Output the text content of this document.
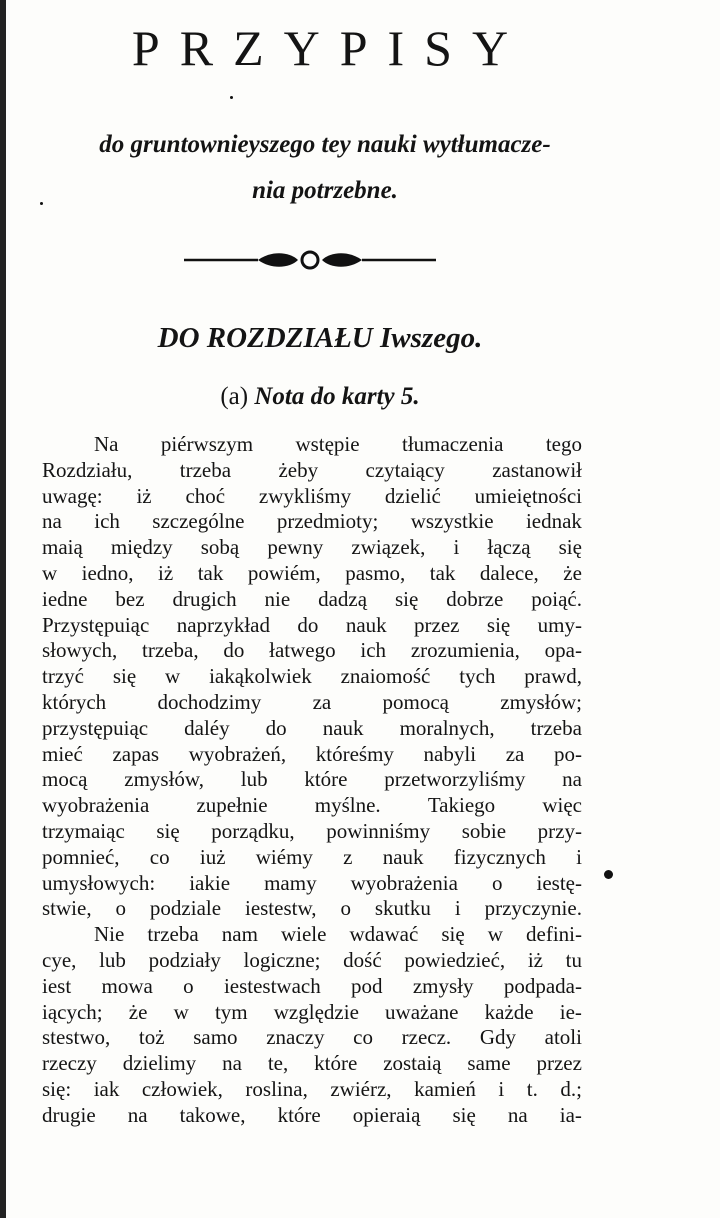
PRZYPISY
do gruntownieyszego tey nauki wytłumacze-
nia potrzebne.
DO ROZDZIAŁU Iwszego.
(a) Nota do karty 5.
Na piérwszym wstępie tłumaczenia tego
Rozdziału, trzeba żeby czytaiący zastanowił
uwagę: iż choć zwykliśmy dzielić umieiętności
na ich szczególne przedmioty; wszystkie iednak
maią między sobą pewny związek, i łączą się
w iedno, iż tak powiém, pasmo, tak dalece, że
iedne bez drugich nie dadzą się dobrze poiąć.
Przystępuiąc naprzykład do nauk przez się umy-
słowych, trzeba, do łatwego ich zrozumienia, opa-
trzyć się w iakąkolwiek znaiomość tych prawd,
których dochodzimy za pomocą zmysłów;
przystępuiąc daléy do nauk moralnych, trzeba
mieć zapas wyobrażeń, któreśmy nabyli za po-
mocą zmysłów, lub które przetworzyliśmy na
wyobrażenia zupełnie myślne. Takiego więc
trzymaiąc się porządku, powinniśmy sobie przy-
pomnieć, co iuż wiémy z nauk fizycznych i
umysłowych: iakie mamy wyobrażenia o iestę-
stwie, o podziale iestestw, o skutku i przyczynie.
Nie trzeba nam wiele wdawać się w defini-
cye, lub podziały logiczne; dość powiedzieć, iż tu
iest mowa o iestestwach pod zmysły podpada-
iących; że w tym względzie uważane każde ie-
stestwo, toż samo znaczy co rzecz. Gdy atoli
rzeczy dzielimy na te, które zostaią same przez
się: iak człowiek, roslina, zwiérz, kamień i t. d.;
drugie na takowe, które opieraią się na ia-
